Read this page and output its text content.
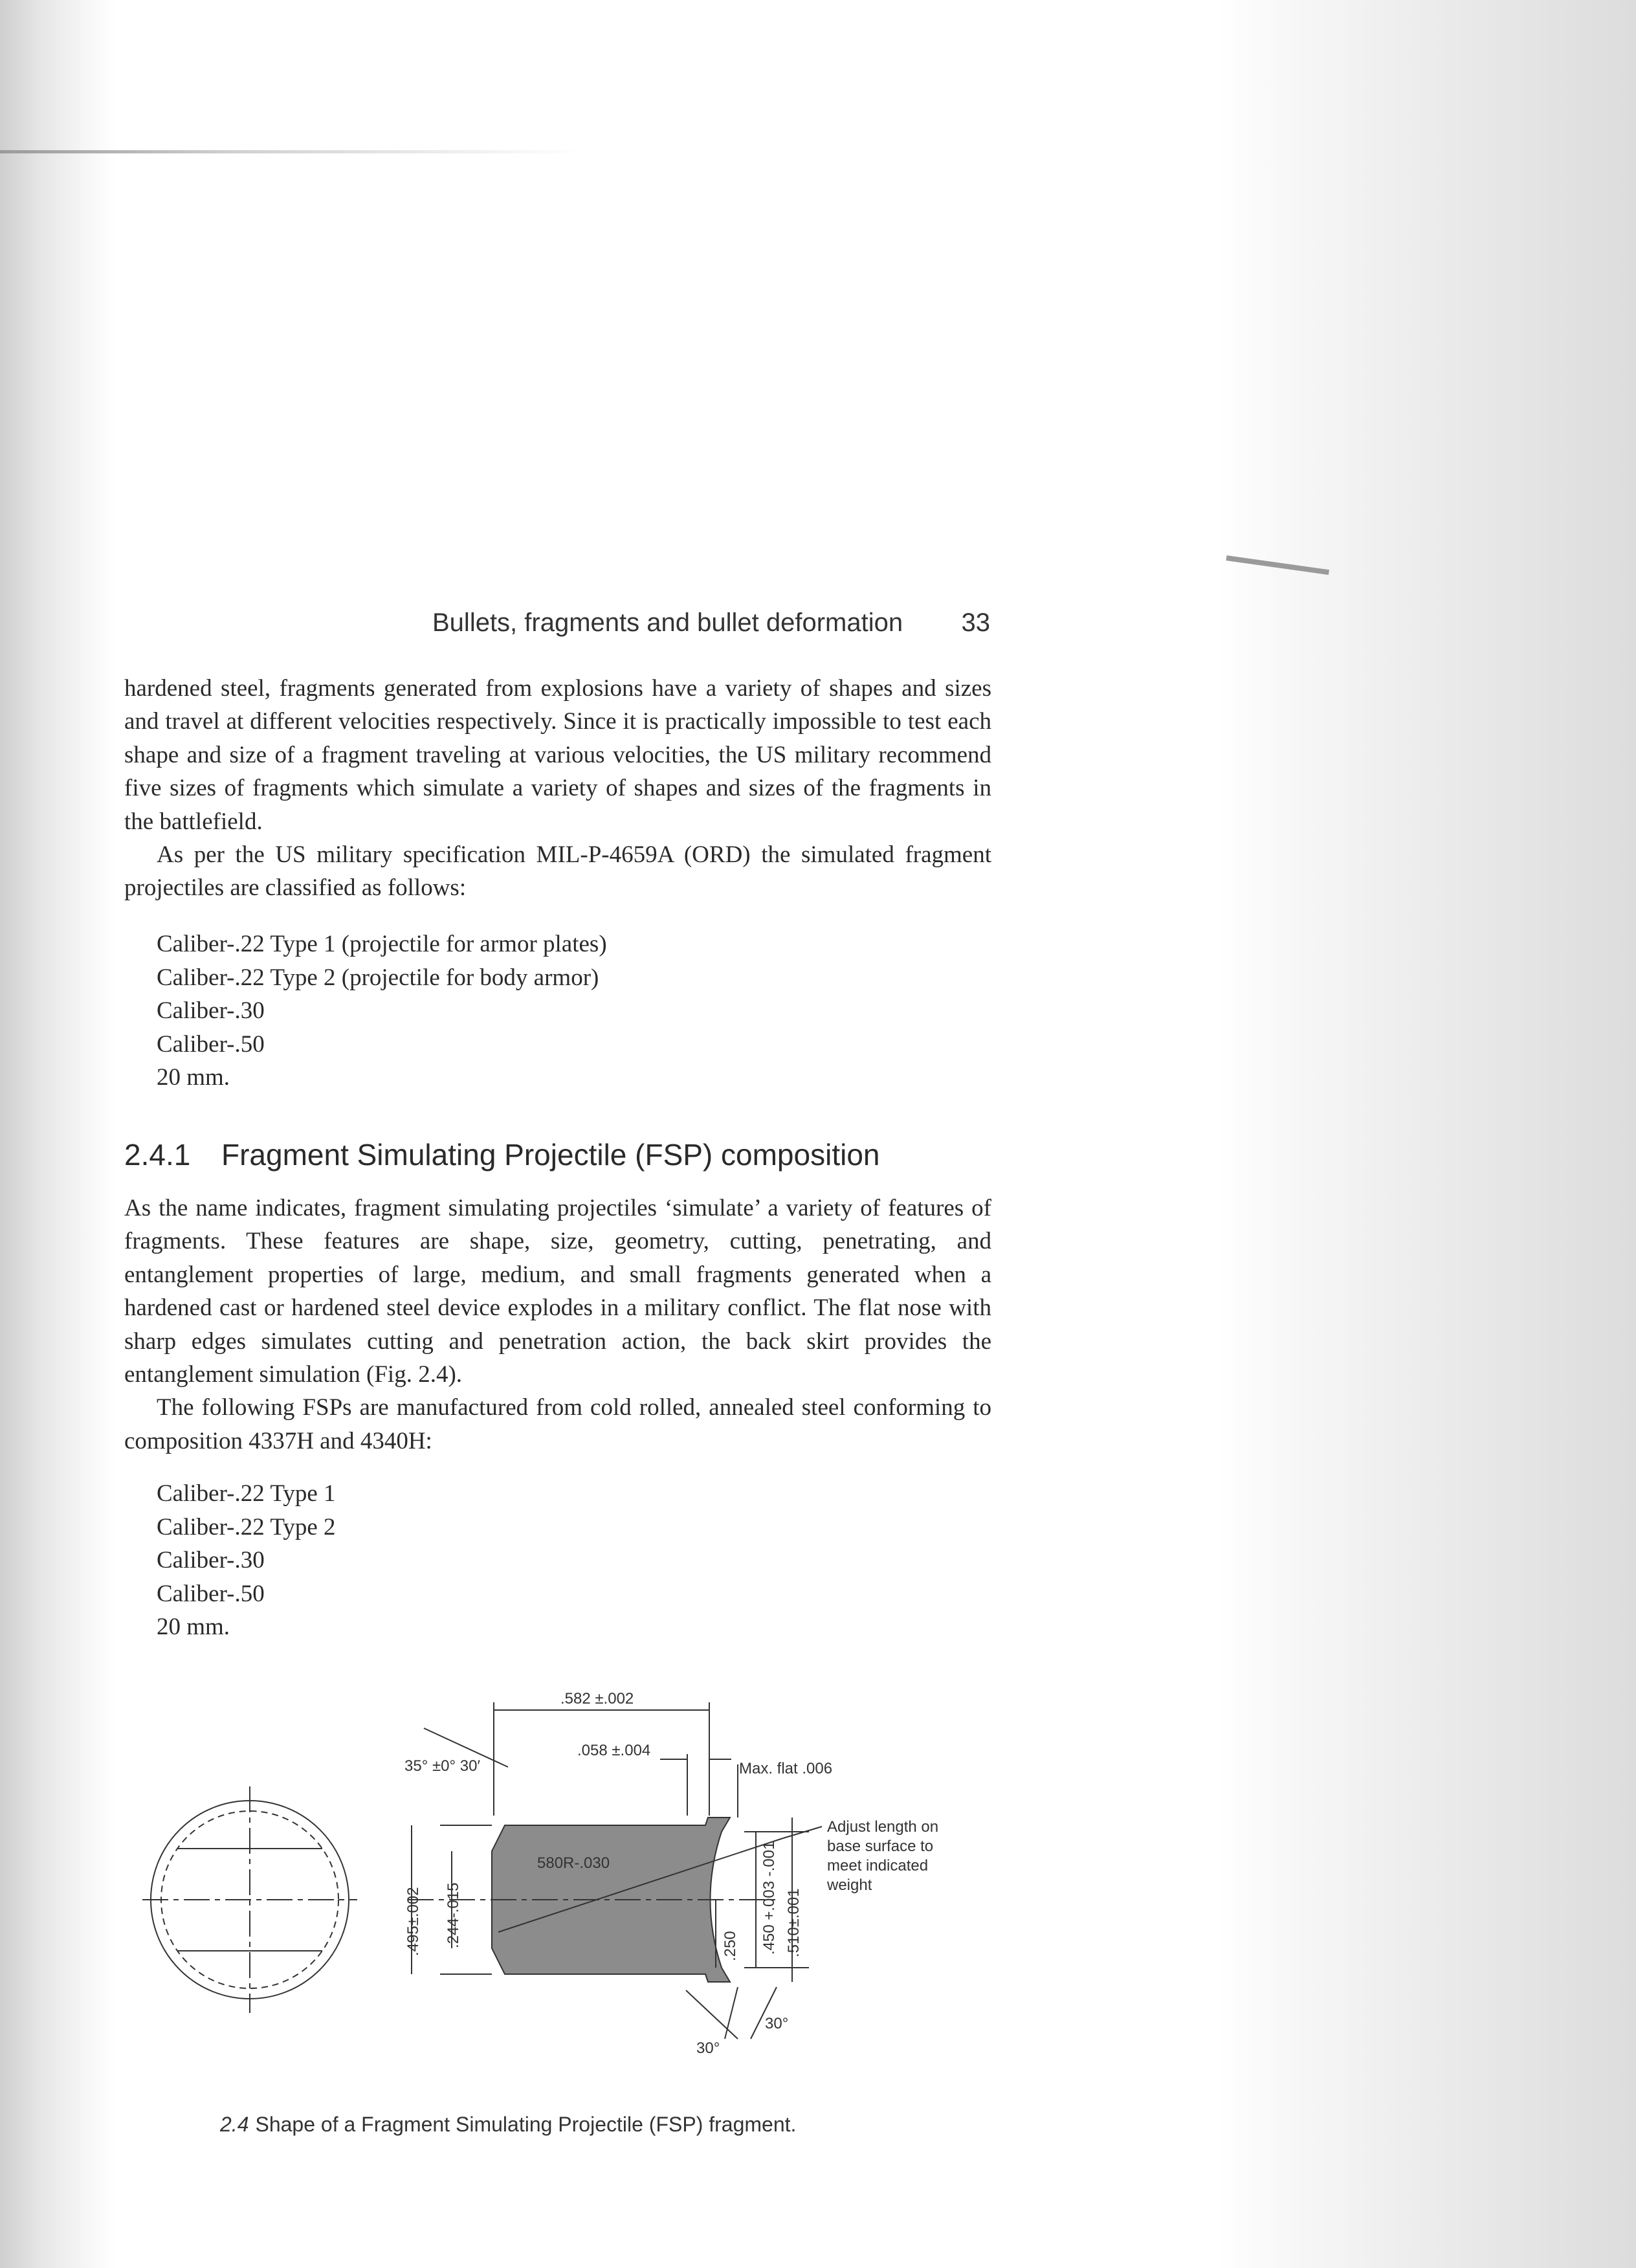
Bullets, fragments and bullet deformation 33

hardened steel, fragments generated from explosions have a variety of shapes and sizes and travel at different velocities respectively. Since it is practically impossible to test each shape and size of a fragment traveling at various velocities, the US military recommend five sizes of fragments which simulate a variety of shapes and sizes of the fragments in the battlefield.

As per the US military specification MIL-P-4659A (ORD) the simulated fragment projectiles are classified as follows:

Caliber-.22 Type 1 (projectile for armor plates)
Caliber-.22 Type 2 (projectile for body armor)
Caliber-.30
Caliber-.50
20 mm.
2.4.1 Fragment Simulating Projectile (FSP) composition

As the name indicates, fragment simulating projectiles ‘simulate’ a variety of features of fragments. These features are shape, size, geometry, cutting, penetrating, and entanglement properties of large, medium, and small fragments generated when a hardened cast or hardened steel device explodes in a military conflict. The flat nose with sharp edges simulates cutting and penetration action, the back skirt provides the entanglement simulation (Fig. 2.4).

The following FSPs are manufactured from cold rolled, annealed steel conforming to composition 4337H and 4340H:

Caliber-.22 Type 1
Caliber-.22 Type 2
Caliber-.30
Caliber-.50
20 mm.
.582 ±.002
.058 ±.004
35° ±0° 30′	Max. flat .006
580R-.030
.495±.002 .244-.015	.250 .450 +.003 -.001 .510±.001
30°
30°
Adjust length on
base surface to
meet indicated
weight
2.4 Shape of a Fragment Simulating Projectile (FSP) fragment.
